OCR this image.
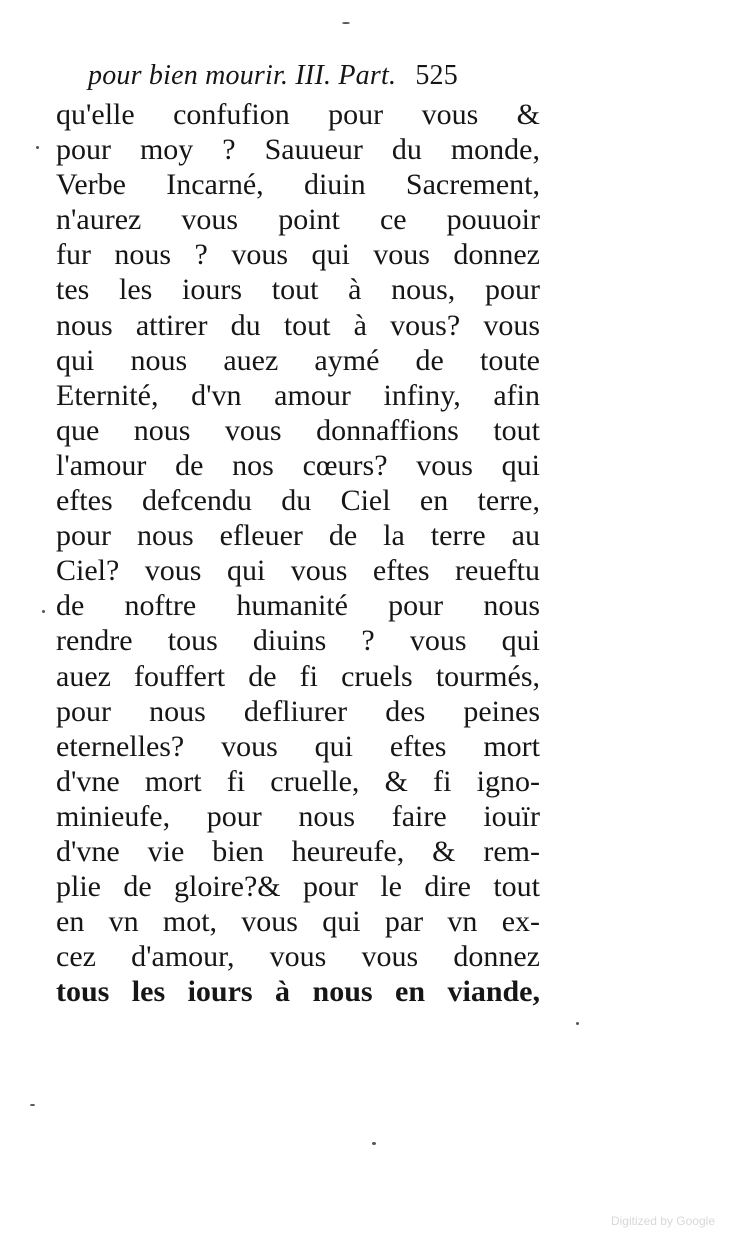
pour bien mourir. III. Part. 525
qu'elle confufion pour vous &
pour moy ? Sauueur du monde,
Verbe Incarné, diuin Sacrement,
n'aurez vous point ce pouuoir
fur nous ? vous qui vous donnez
tes les iours tout à nous, pour
nous attirer du tout à vous? vous
qui nous auez aymé de toute
Eternité, d'vn amour infiny, afin
que nous vous donnaffions tout
l'amour de nos cœurs? vous qui
eftes defcendu du Ciel en terre,
pour nous efleuer de la terre au
Ciel? vous qui vous eftes reueftu
de noftre humanité pour nous
rendre tous diuins ? vous qui
auez fouffert de fi cruels tourmés,
pour nous defliurer des peines
eternelles? vous qui eftes mort
d'vne mort fi cruelle, & fi igno-
minieufe, pour nous faire iouïr
d'vne vie bien heureufe, & rem-
plie de gloire?& pour le dire tout
en vn mot, vous qui par vn ex-
cez d'amour, vous vous donnez
tous les iours à nous en viande,
Digitized by Google
